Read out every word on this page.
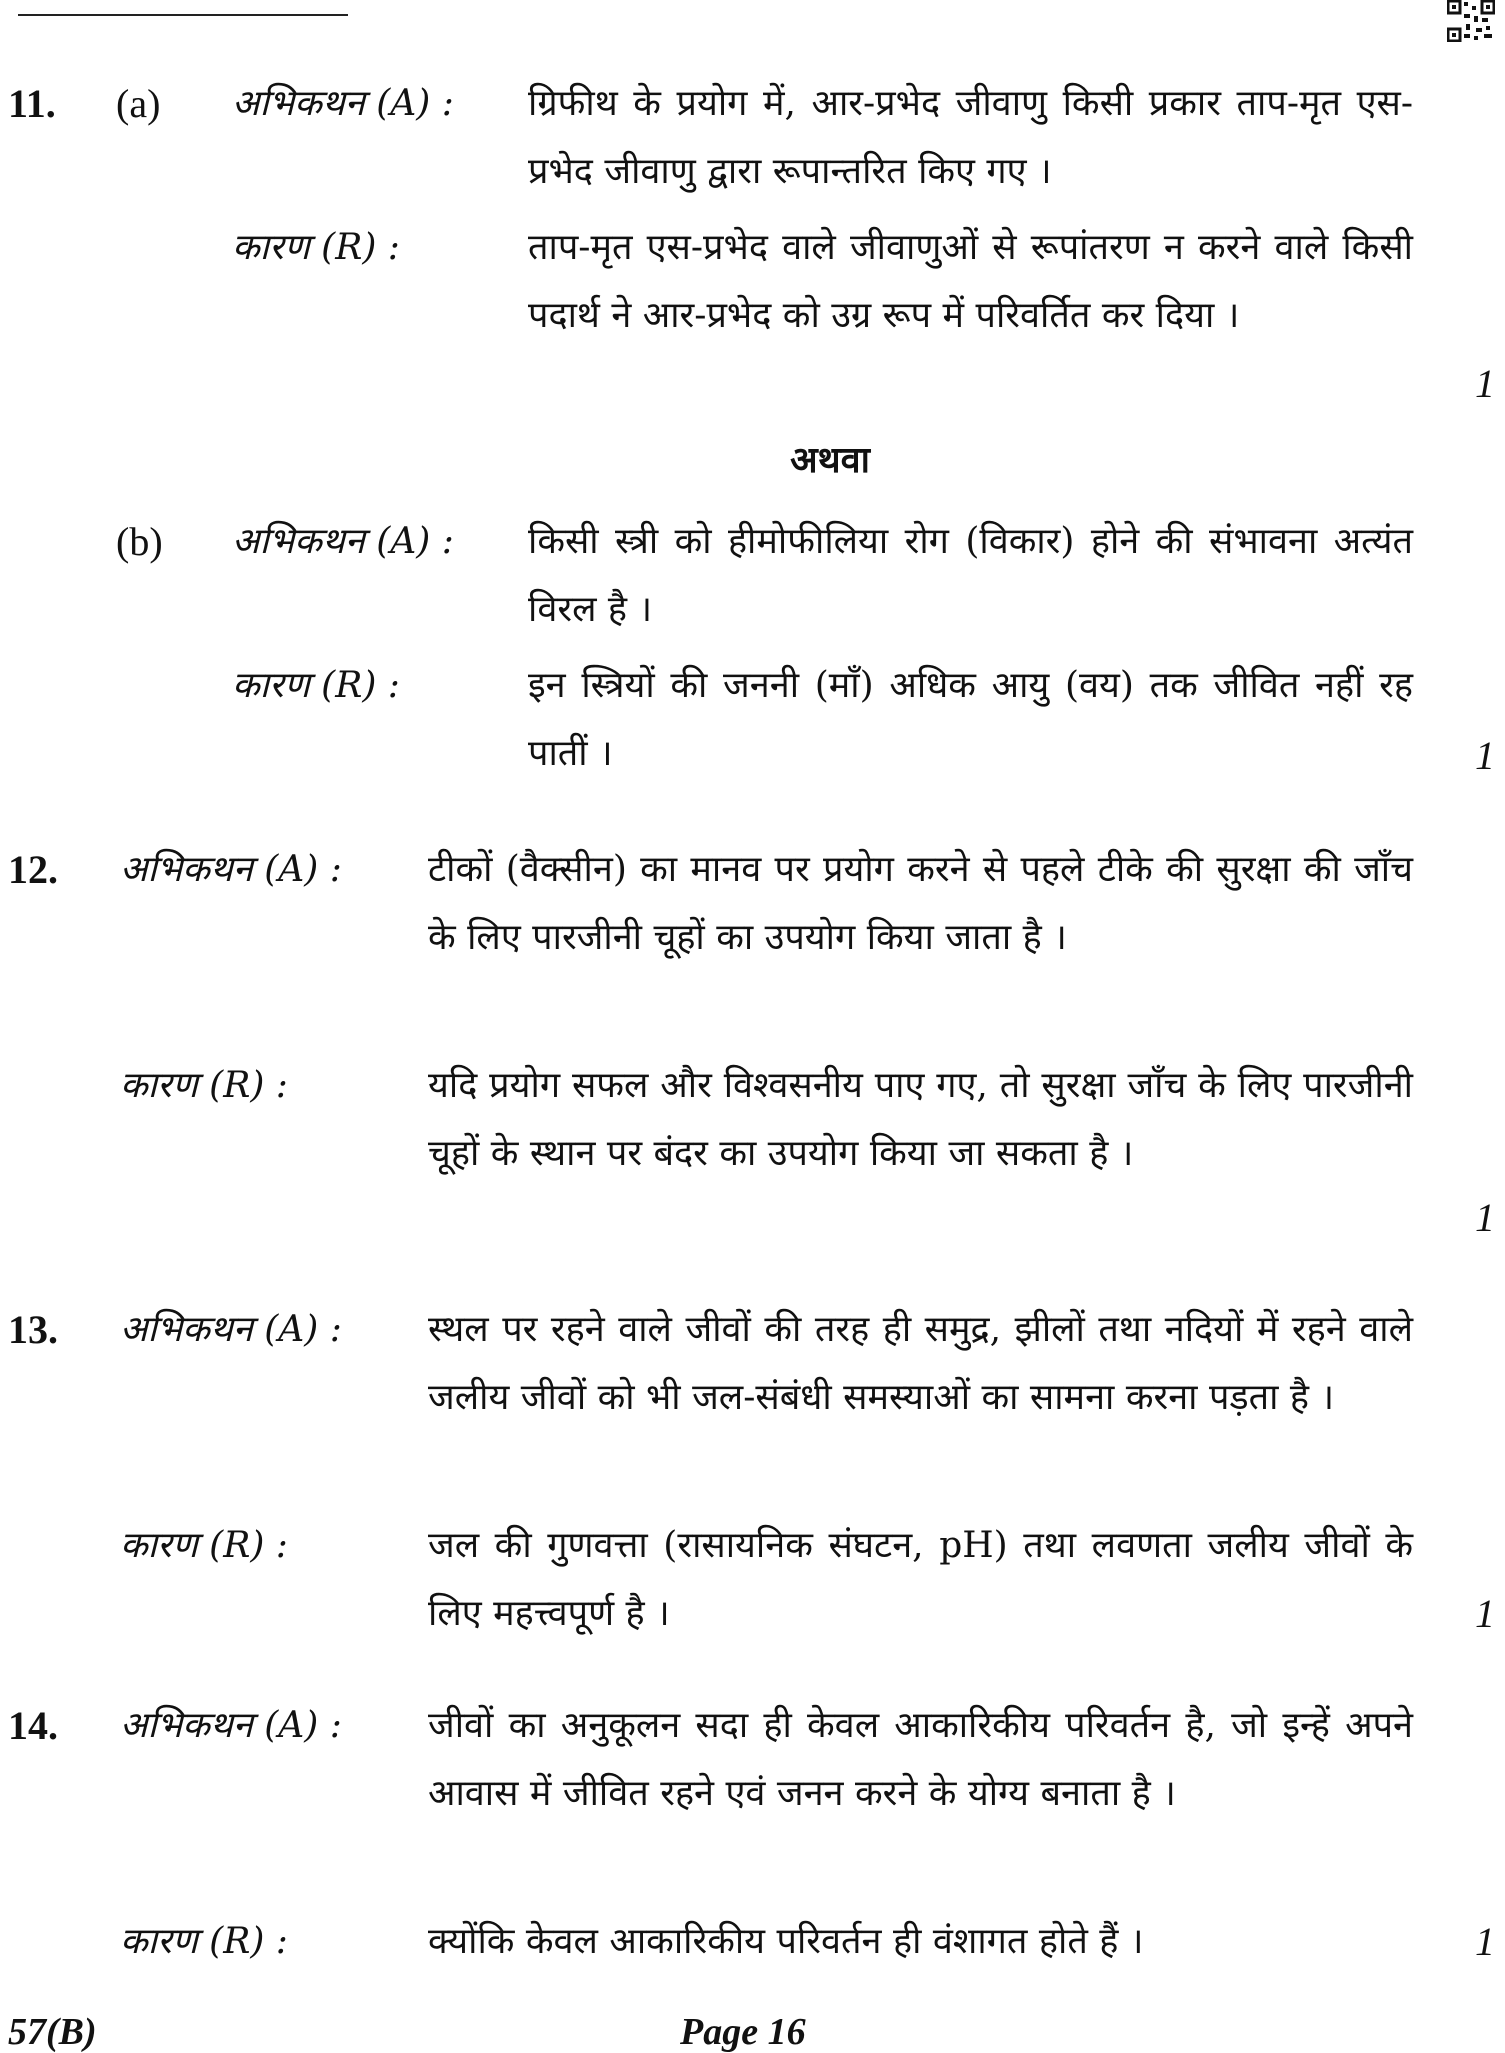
11. (a) अभिकथन (A) : ग्रिफीथ के प्रयोग में, आर-प्रभेद जीवाणु किसी प्रकार ताप-मृत एस-प्रभेद जीवाणु द्वारा रूपान्तरित किए गए ।
कारण (R) :	ताप-मृत एस-प्रभेद वाले जीवाणुओं से रूपांतरण न करने वाले किसी पदार्थ ने आर-प्रभेद को उग्र रूप में परिवर्तित कर दिया ।
1
अथवा
(b) अभिकथन (A) : किसी स्त्री को हीमोफीलिया रोग (विकार) होने की संभावना अत्यंत विरल है ।
कारण (R) :	इन स्त्रियों की जननी (माँ) अधिक आयु (वय) तक जीवित नहीं रह पातीं ।	1
12. अभिकथन (A) : टीकों (वैक्सीन) का मानव पर प्रयोग करने से पहले टीके की सुरक्षा की जाँच के लिए पारजीनी चूहों का उपयोग किया जाता है ।
कारण (R) :	यदि प्रयोग सफल और विश्वसनीय पाए गए, तो सुरक्षा जाँच के लिए पारजीनी चूहों के स्थान पर बंदर का उपयोग किया जा सकता है ।
1
13. अभिकथन (A) : स्थल पर रहने वाले जीवों की तरह ही समुद्र, झीलों तथा नदियों में रहने वाले जलीय जीवों को भी जल-संबंधी समस्याओं का सामना करना पड़ता है ।
कारण (R) :	जल की गुणवत्ता (रासायनिक संघटन, pH) तथा लवणता जलीय जीवों के लिए महत्त्वपूर्ण है ।	1
14. अभिकथन (A) : जीवों का अनुकूलन सदा ही केवल आकारिकीय परिवर्तन है, जो इन्हें अपने आवास में जीवित रहने एवं जनन करने के योग्य बनाता है ।
कारण (R) :	क्योंकि केवल आकारिकीय परिवर्तन ही वंशागत होते हैं ।	1
57(B)	Page 16
